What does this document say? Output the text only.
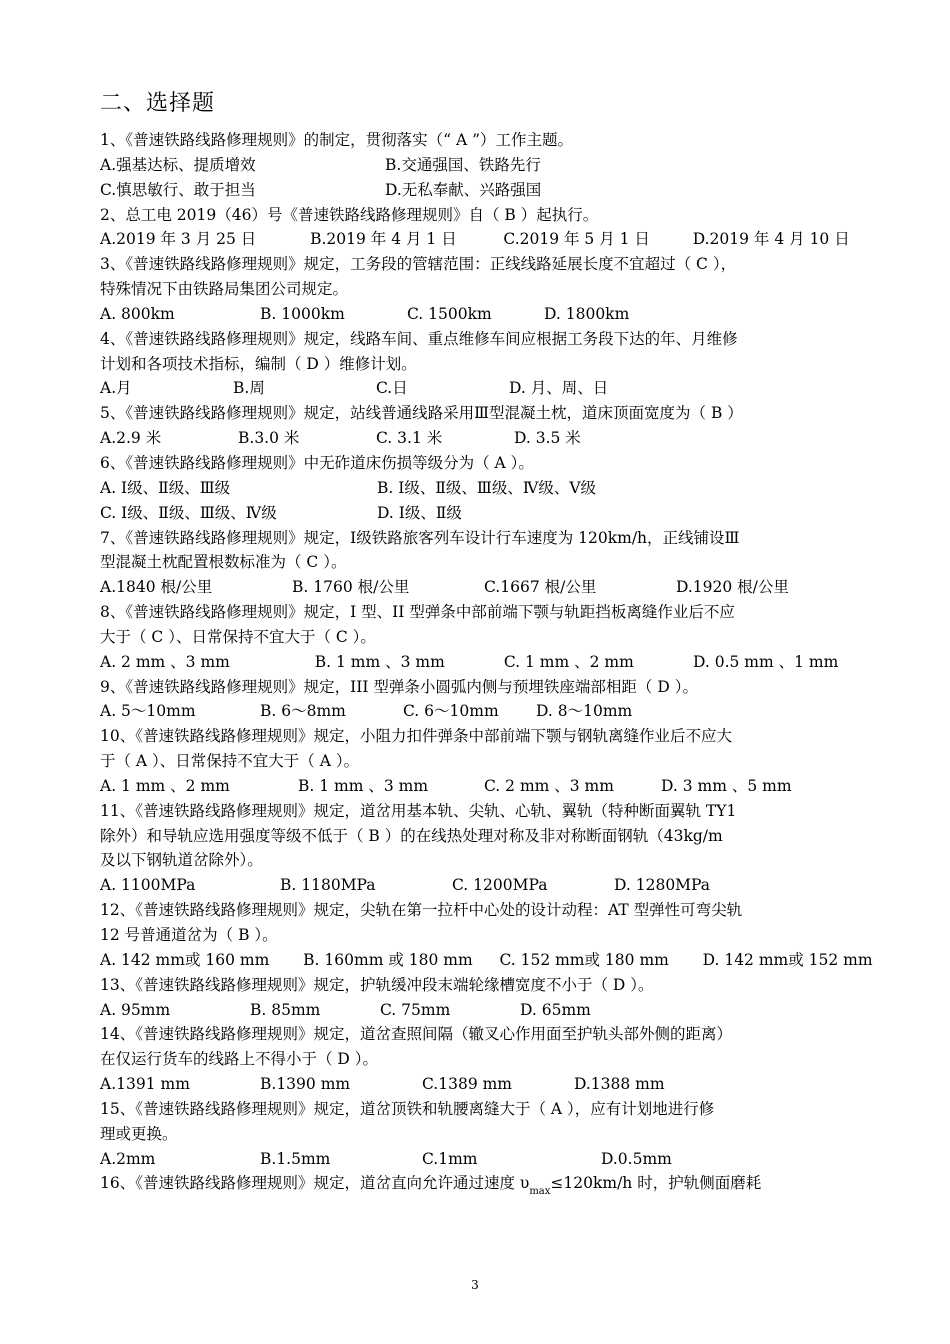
二、选择题
1、《普速铁路线路修理规则》的制定，贯彻落实（“ A ”）工作主题。
A.强基达标、提质增效	B.交通强国、铁路先行
C.慎思敏行、敢于担当	D.无私奉献、兴路强国
2、总工电 2019（46）号《普速铁路线路修理规则》自（ B ）起执行。
A.2019 年 3 月 25 日	B.2019 年 4 月 1 日	C.2019 年 5 月 1 日	D.2019 年 4 月 10 日
3、《普速铁路线路修理规则》规定，工务段的管辖范围：正线线路延展长度不宜超过（ C ），
特殊情况下由铁路局集团公司规定。
A. 800km	B. 1000km	C. 1500km	D. 1800km
4、《普速铁路线路修理规则》规定，线路车间、重点维修车间应根据工务段下达的年、月维修
计划和各项技术指标，编制（ D ）维修计划。
A.月	B.周	C.日	D. 月、周、日
5、《普速铁路线路修理规则》规定，站线普通线路采用Ⅲ型混凝土枕，道床顶面宽度为（ B ）
A.2.9 米	B.3.0 米	C. 3.1 米	D. 3.5 米
6、《普速铁路线路修理规则》中无砟道床伤损等级分为（ A ）。
A. Ⅰ级、Ⅱ级、Ⅲ级	B. Ⅰ级、Ⅱ级、Ⅲ级、Ⅳ级、Ⅴ级
C. Ⅰ级、Ⅱ级、Ⅲ级、Ⅳ级	D. Ⅰ级、Ⅱ级
7、《普速铁路线路修理规则》规定，Ⅰ级铁路旅客列车设计行车速度为 120km/h，正线铺设Ⅲ
型混凝土枕配置根数标准为（ C ）。
A.1840 根/公里	B. 1760 根/公里	C.1667 根/公里	D.1920 根/公里
8、《普速铁路线路修理规则》规定，I 型、II 型弹条中部前端下颚与轨距挡板离缝作业后不应
大于（ C ）、日常保持不宜大于（ C ）。
A. 2 mm 、3 mm	B. 1 mm 、3 mm	C. 1 mm 、2 mm	D. 0.5 mm 、1 mm
9、《普速铁路线路修理规则》规定，III 型弹条小圆弧内侧与预埋铁座端部相距（ D ）。
A. 5～10mm	B. 6～8mm	C. 6～10mm	D. 8～10mm
10、《普速铁路线路修理规则》规定，小阻力扣件弹条中部前端下颚与钢轨离缝作业后不应大
于（ A ）、日常保持不宜大于（ A ）。
A. 1 mm 、2 mm	B. 1 mm 、3 mm	C. 2 mm 、3 mm	D. 3 mm 、5 mm
11、《普速铁路线路修理规则》规定，道岔用基本轨、尖轨、心轨、翼轨（特种断面翼轨 TY1
除外）和导轨应选用强度等级不低于（ B ）的在线热处理对称及非对称断面钢轨（43kg/m
及以下钢轨道岔除外）。
A. 1100MPa	B. 1180MPa	C. 1200MPa	D. 1280MPa
12、《普速铁路线路修理规则》规定，尖轨在第一拉杆中心处的设计动程：AT 型弹性可弯尖轨
12 号普通道岔为（ B ）。
A. 142 mm或 160 mm	B. 160mm 或 180 mm	C. 152 mm或 180 mm	D. 142 mm或 152 mm
13、《普速铁路线路修理规则》规定，护轨缓冲段末端轮缘槽宽度不小于（ D ）。
A. 95mm	B. 85mm	C. 75mm	D. 65mm
14、《普速铁路线路修理规则》规定，道岔查照间隔（辙叉心作用面至护轨头部外侧的距离）
在仅运行货车的线路上不得小于（ D ）。
A.1391 mm	B.1390 mm	C.1389 mm	D.1388 mm
15、《普速铁路线路修理规则》规定，道岔顶铁和轨腰离缝大于（ A ），应有计划地进行修
理或更换。
A.2mm	B.1.5mm	C.1mm	D.0.5mm
16、《普速铁路线路修理规则》规定，道岔直向允许通过速度 $\upsilon_{max}\le 120km/h$ 时，护轨侧面磨耗
3
